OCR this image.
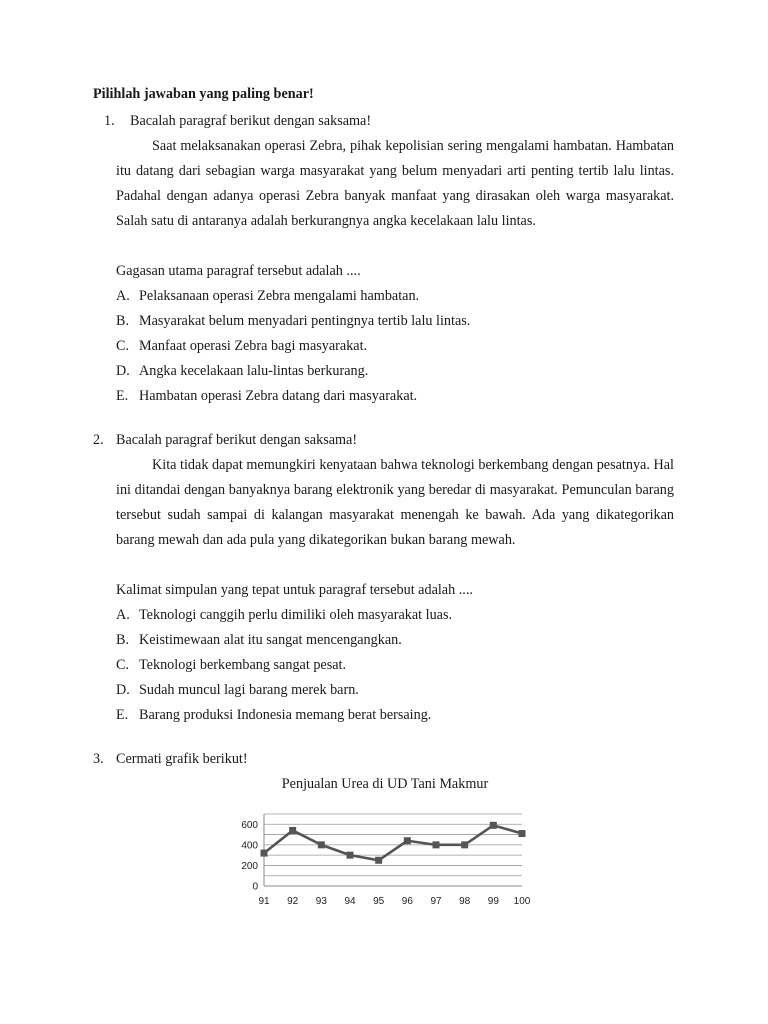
Pilihlah jawaban yang paling benar!
1. Bacalah paragraf berikut dengan saksama!

Saat melaksanakan operasi Zebra, pihak kepolisian sering mengalami hambatan. Hambatan itu datang dari sebagian warga masyarakat yang belum menyadari arti penting tertib lalu lintas. Padahal dengan adanya operasi Zebra banyak manfaat yang dirasakan oleh warga masyarakat. Salah satu di antaranya adalah berkurangnya angka kecelakaan lalu lintas.

Gagasan utama paragraf tersebut adalah ....
A. Pelaksanaan operasi Zebra mengalami hambatan.
B. Masyarakat belum menyadari pentingnya tertib lalu lintas.
C. Manfaat operasi Zebra bagi masyarakat.
D. Angka kecelakaan lalu-lintas berkurang.
E. Hambatan operasi Zebra datang dari masyarakat.
2. Bacalah paragraf berikut dengan saksama!

Kita tidak dapat memungkiri kenyataan bahwa teknologi berkembang dengan pesatnya. Hal ini ditandai dengan banyaknya barang elektronik yang beredar di masyarakat. Pemunculan barang tersebut sudah sampai di kalangan masyarakat menengah ke bawah. Ada yang dikategorikan barang mewah dan ada pula yang dikategorikan bukan barang mewah.

Kalimat simpulan yang tepat untuk paragraf tersebut adalah ....
A. Teknologi canggih perlu dimiliki oleh masyarakat luas.
B. Keistimewaan alat itu sangat mencengangkan.
C. Teknologi berkembang sangat pesat.
D. Sudah muncul lagi barang merek barn.
E. Barang produksi Indonesia memang berat bersaing.
3. Cermati grafik berikut!
Penjualan Urea di UD Tani Makmur
0
200
400
600
91 92 93 94 95 96 97 98 99 100
